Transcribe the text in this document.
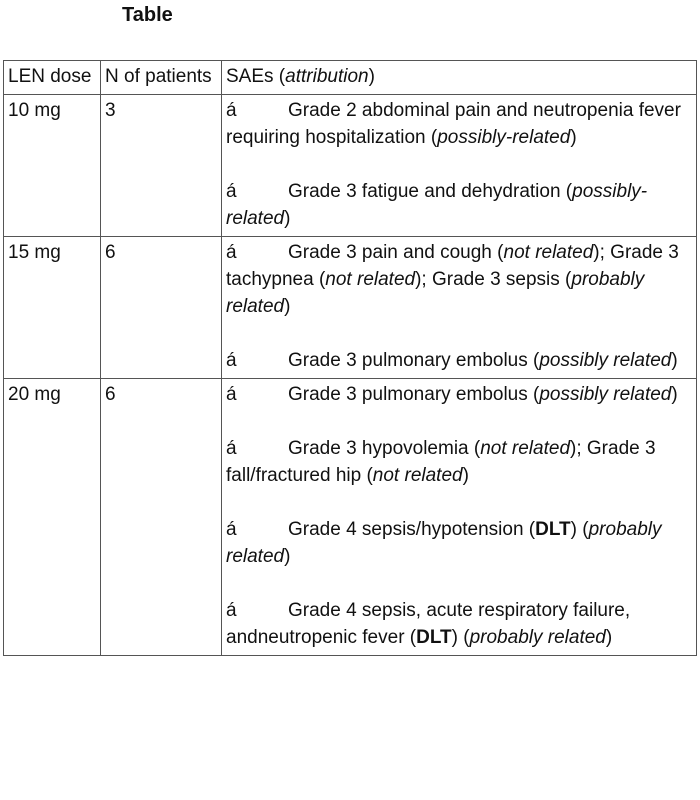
Table
LEN dose	N of patients	SAEs (attribution)
10 mg	3	á Grade 2 abdominal pain and neutropenia fever requiring hospitalization (possibly-related)

á Grade 3 fatigue and dehydration (possibly-related)

15 mg	6	á Grade 3 pain and cough (not related); Grade 3 tachypnea (not related); Grade 3 sepsis (probably related)

á Grade 3 pulmonary embolus (possibly related)

20 mg	6	á Grade 3 pulmonary embolus (possibly related)

á Grade 3 hypovolemia (not related); Grade 3 fall/fractured hip (not related)

á Grade 4 sepsis/hypotension (DLT) (probably related)

á Grade 4 sepsis, acute respiratory failure, andneutropenic fever (DLT) (probably related)
